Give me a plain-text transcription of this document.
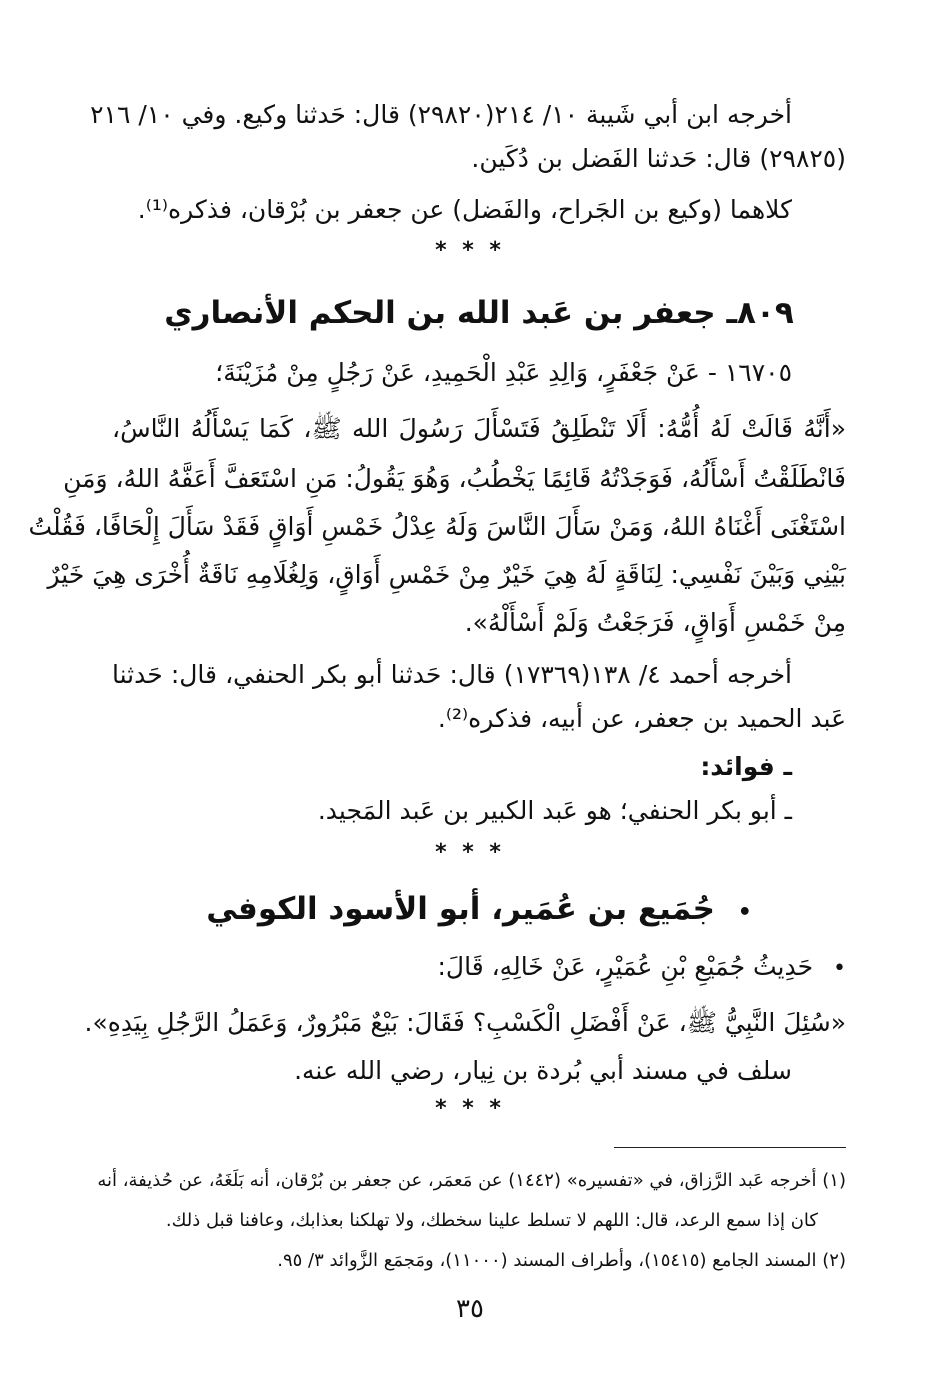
أخرجه ابن أبي شَيبة ١٠/ ٢١٤(٢٩٨٢٠) قال: حَدثنا وكيع. وفي ١٠/ ٢١٦
(٢٩٨٢٥) قال: حَدثنا الفَضل بن دُكَين.
كلاهما (وكيع بن الجَراح، والفَضل) عن جعفر بن بُرْقان، فذكره⁽¹⁾.
* * *
٨٠٩ـ جعفر بن عَبد الله بن الحكم الأنصاري
١٦٧٠٥ - عَنْ جَعْفَرٍ، وَالِدِ عَبْدِ الْحَمِيدِ، عَنْ رَجُلٍ مِنْ مُزَيْنَةَ؛
«أَنَّهُ قَالَتْ لَهُ أُمُّهُ: أَلَا تَنْطَلِقُ فَتَسْأَلَ رَسُولَ الله ﷺ، كَمَا يَسْأَلُهُ النَّاسُ،
فَانْطَلَقْتُ أَسْأَلُهُ، فَوَجَدْتُهُ قَائِمًا يَخْطُبُ، وَهُوَ يَقُولُ: مَنِ اسْتَعَفَّ أَعَفَّهُ اللهُ، وَمَنِ
اسْتَغْنَى أَغْنَاهُ اللهُ، وَمَنْ سَأَلَ النَّاسَ وَلَهُ عِدْلُ خَمْسِ أَوَاقٍ فَقَدْ سَأَلَ إِلْحَافًا، فَقُلْتُ
بَيْنِي وَبَيْنَ نَفْسِي: لِنَاقَةٍ لَهُ هِيَ خَيْرٌ مِنْ خَمْسِ أَوَاقٍ، وَلِغُلَامِهِ نَاقَةٌ أُخْرَى هِيَ خَيْرٌ
مِنْ خَمْسِ أَوَاقٍ، فَرَجَعْتُ وَلَمْ أَسْأَلْهُ».
أخرجه أحمد ٤/ ١٣٨(١٧٣٦٩) قال: حَدثنا أبو بكر الحنفي، قال: حَدثنا
عَبد الحميد بن جعفر، عن أبيه، فذكره⁽²⁾.
ـ فوائد:
ـ أبو بكر الحنفي؛ هو عَبد الكبير بن عَبد المَجيد.
* * *
• جُمَيع بن عُمَير، أبو الأسود الكوفي
• حَدِيثُ جُمَيْعِ بْنِ عُمَيْرٍ، عَنْ خَالِهِ، قَالَ:
«سُئِلَ النَّبِيُّ ﷺ، عَنْ أَفْضَلِ الْكَسْبِ؟ فَقَالَ: بَيْعٌ مَبْرُورٌ، وَعَمَلُ الرَّجُلِ بِيَدِهِ».
سلف في مسند أبي بُردة بن نِيار، رضي الله عنه.
* * *
(١) أخرجه عَبد الرَّزاق، في «تفسيره» (١٤٤٢) عن مَعمَر، عن جعفر بن بُرْقان، أنه بَلَغَهُ، عن حُذيفة، أنه
كان إذا سمع الرعد، قال: اللهم لا تسلط علينا سخطك، ولا تهلكنا بعذابك، وعافنا قبل ذلك.
(٢) المسند الجامع (١٥٤١٥)، وأطراف المسند (١١٠٠٠)، ومَجمَع الزَّوائد ٣/ ٩٥.
٣٥
